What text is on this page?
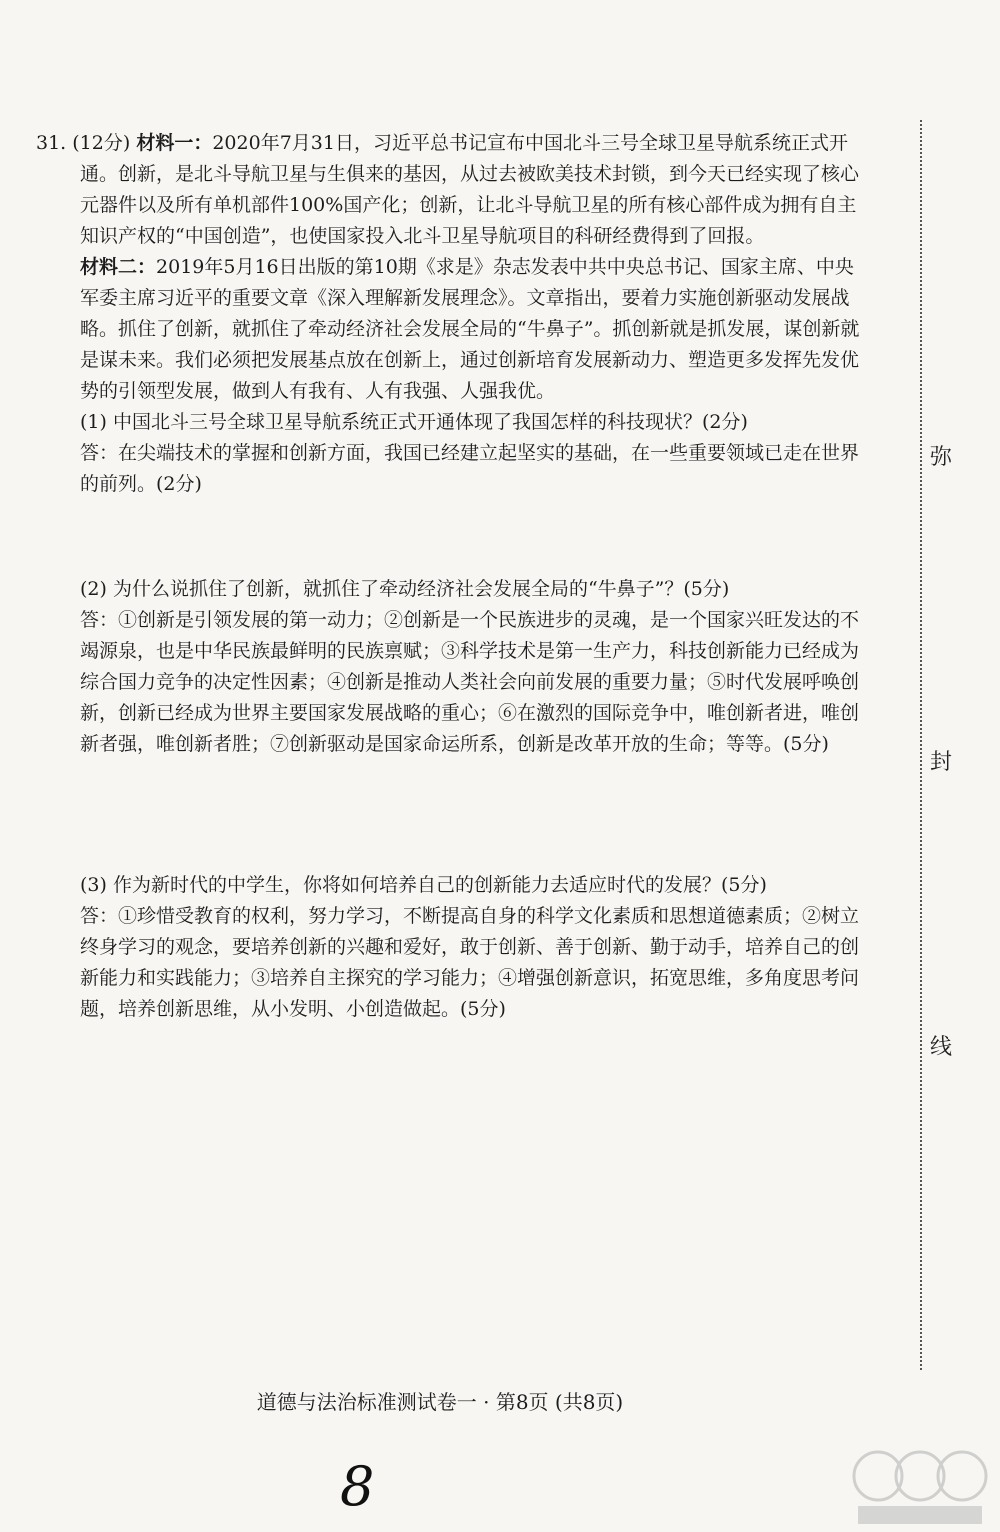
31. (12分) 材料一：2020年7月31日，习近平总书记宣布中国北斗三号全球卫星导航系统正式开通。创新，是北斗导航卫星与生俱来的基因，从过去被欧美技术封锁，到今天已经实现了核心元器件以及所有单机部件100%国产化；创新，让北斗导航卫星的所有核心部件成为拥有自主知识产权的“中国创造”，也使国家投入北斗卫星导航项目的科研经费得到了回报。

材料二：2019年5月16日出版的第10期《求是》杂志发表中共中央总书记、国家主席、中央军委主席习近平的重要文章《深入理解新发展理念》。文章指出，要着力实施创新驱动发展战略。抓住了创新，就抓住了牵动经济社会发展全局的“牛鼻子”。抓创新就是抓发展，谋创新就是谋未来。我们必须把发展基点放在创新上，通过创新培育发展新动力、塑造更多发挥先发优势的引领型发展，做到人有我有、人有我强、人强我优。

(1) 中国北斗三号全球卫星导航系统正式开通体现了我国怎样的科技现状？(2分)

答：在尖端技术的掌握和创新方面，我国已经建立起坚实的基础，在一些重要领域已走在世界的前列。(2分)

(2) 为什么说抓住了创新，就抓住了牵动经济社会发展全局的“牛鼻子”？(5分)

答：①创新是引领发展的第一动力；②创新是一个民族进步的灵魂，是一个国家兴旺发达的不竭源泉，也是中华民族最鲜明的民族禀赋；③科学技术是第一生产力，科技创新能力已经成为综合国力竞争的决定性因素；④创新是推动人类社会向前发展的重要力量；⑤时代发展呼唤创新，创新已经成为世界主要国家发展战略的重心；⑥在激烈的国际竞争中，唯创新者进，唯创新者强，唯创新者胜；⑦创新驱动是国家命运所系，创新是改革开放的生命；等等。(5分)

(3) 作为新时代的中学生，你将如何培养自己的创新能力去适应时代的发展？(5分)

答：①珍惜受教育的权利，努力学习，不断提高自身的科学文化素质和思想道德素质；②树立终身学习的观念，要培养创新的兴趣和爱好，敢于创新、善于创新、勤于动手，培养自己的创新能力和实践能力；③培养自主探究的学习能力；④增强创新意识，拓宽思维，多角度思考问题，培养创新思维，从小发明、小创造做起。(5分)

弥
封
线
道德与法治标准测试卷一 · 第8页 (共8页)
8
